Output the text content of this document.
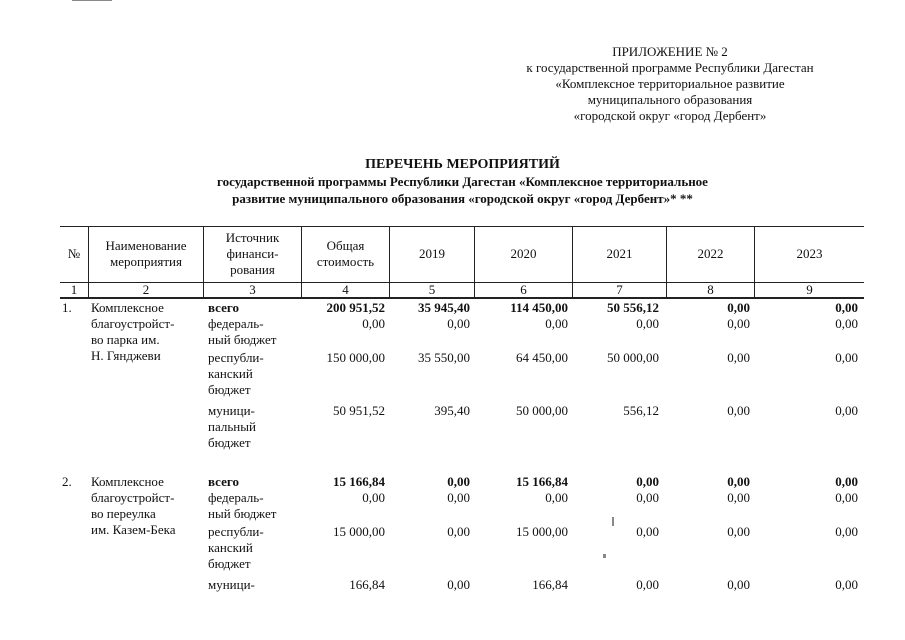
ПРИЛОЖЕНИЕ № 2
к государственной программе Республики Дагестан
«Комплексное территориальное развитие
муниципального образования
«городской округ «город Дербент»
ПЕРЕЧЕНЬ МЕРОПРИЯТИЙ
государственной программы Республики Дагестан «Комплексное территориальное
развитие муниципального образования «городской округ «город Дербент»* **
№
Наименование
мероприятия
Источник
финанси-
рования
Общая
стоимость
2019	2020	2021	2022	2023
1	2	3	4	5	6	7	8	9
1. Комплексное
благоустройст-
во парка им.
Н. Гянджеви
всего	200 951,52	35 945,40	114 450,00	50 556,12	0,00	0,00
федераль-
ный бюджет
0,00	0,00	0,00	0,00	0,00	0,00
республи-
канский
бюджет
150 000,00	35 550,00	64 450,00	50 000,00	0,00	0,00
муници-
пальный
бюджет
50 951,52	395,40	50 000,00	556,12	0,00	0,00
2. Комплексное
благоустройст-
во переулка
им. Казем-Бека
всего	15 166,84	0,00	15 166,84	0,00	0,00	0,00
федераль-
ный бюджет
0,00	0,00	0,00	0,00	0,00	0,00
республи-
канский
бюджет
15 000,00	0,00	15 000,00	0,00	0,00	0,00
муници-	166,84	0,00	166,84	0,00	0,00	0,00
